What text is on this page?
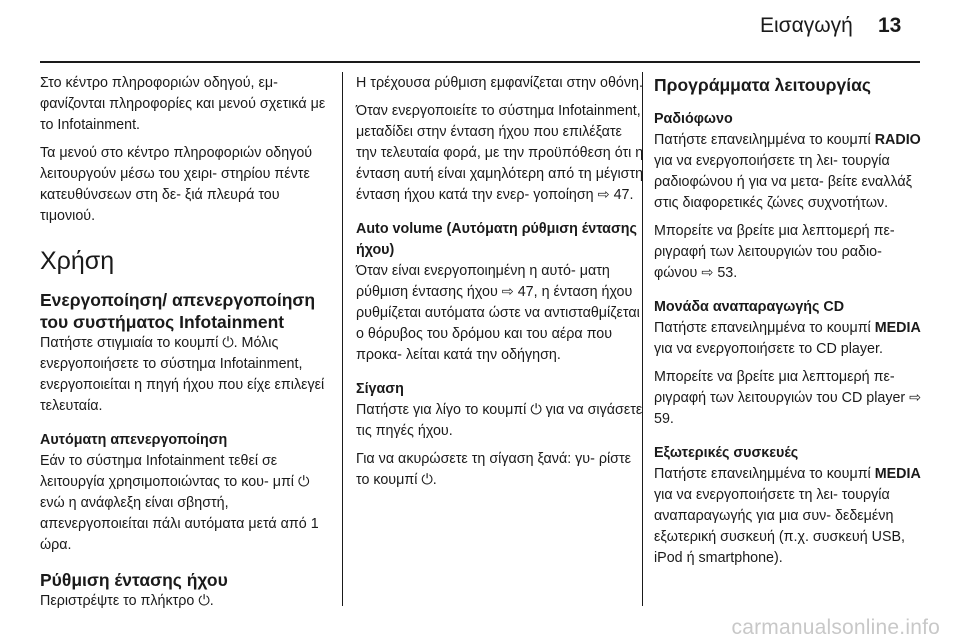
Εισαγωγή 13

Στο κέντρο πληροφοριών οδηγού, εμ- φανίζονται πληροφορίες και μενού σχετικά με το Infotainment.

Τα μενού στο κέντρο πληροφοριών οδηγού λειτουργούν μέσω του χειρι- στηρίου πέντε κατευθύνσεων στη δε- ξιά πλευρά του τιμονιού.

Χρήση
Ενεργοποίηση/ απενεργοποίηση του συστήματος Infotainment

Πατήστε στιγμιαία το κουμπί ⏻. Μόλις ενεργοποιήσετε το σύστημα Infotainment, ενεργοποιείται η πηγή ήχου που είχε επιλεγεί τελευταία.

Αυτόματη απενεργοποίηση

Εάν το σύστημα Infotainment τεθεί σε λειτουργία χρησιμοποιώντας το κου- μπί ⏻ ενώ η ανάφλεξη είναι σβηστή, απενεργοποιείται πάλι αυτόματα μετά από 1 ώρα.

Ρύθμιση έντασης ήχου

Περιστρέψτε το πλήκτρο ⏻.

Η τρέχουσα ρύθμιση εμφανίζεται στην οθόνη.

Όταν ενεργοποιείτε το σύστημα Infotainment, μεταδίδει στην ένταση ήχου που επιλέξατε την τελευταία φορά, με την προϋπόθεση ότι η ένταση αυτή είναι χαμηλότερη από τη μέγιστη ένταση ήχου κατά την ενερ- γοποίηση ⇨ 47.

Auto volume (Αυτόματη ρύθμιση έντασης ήχου)

Όταν είναι ενεργοποιημένη η αυτό- ματη ρύθμιση έντασης ήχου ⇨ 47, η ένταση ήχου ρυθμίζεται αυτόματα ώστε να αντισταθμίζεται ο θόρυβος του δρόμου και του αέρα που προκα- λείται κατά την οδήγηση.

Σίγαση

Πατήστε για λίγο το κουμπί ⏻ για να σιγάσετε τις πηγές ήχου.

Για να ακυρώσετε τη σίγαση ξανά: γυ- ρίστε το κουμπί ⏻.

Προγράμματα λειτουργίας
Ραδιόφωνο

Πατήστε επανειλημμένα το κουμπί RADIO για να ενεργοποιήσετε τη λει- τουργία ραδιοφώνου ή για να μετα- βείτε εναλλάξ στις διαφορετικές ζώνες συχνοτήτων.

Μπορείτε να βρείτε μια λεπτομερή πε- ριγραφή των λειτουργιών του ραδιο- φώνου ⇨ 53.

Μονάδα αναπαραγωγής CD

Πατήστε επανειλημμένα το κουμπί MEDIA για να ενεργοποιήσετε το CD player.

Μπορείτε να βρείτε μια λεπτομερή πε- ριγραφή των λειτουργιών του CD player ⇨ 59.

Εξωτερικές συσκευές

Πατήστε επανειλημμένα το κουμπί MEDIA για να ενεργοποιήσετε τη λει- τουργία αναπαραγωγής για μια συν- δεδεμένη εξωτερική συσκευή (π.χ. συσκευή USB, iPod ή smartphone).

carmanualsonline.info
